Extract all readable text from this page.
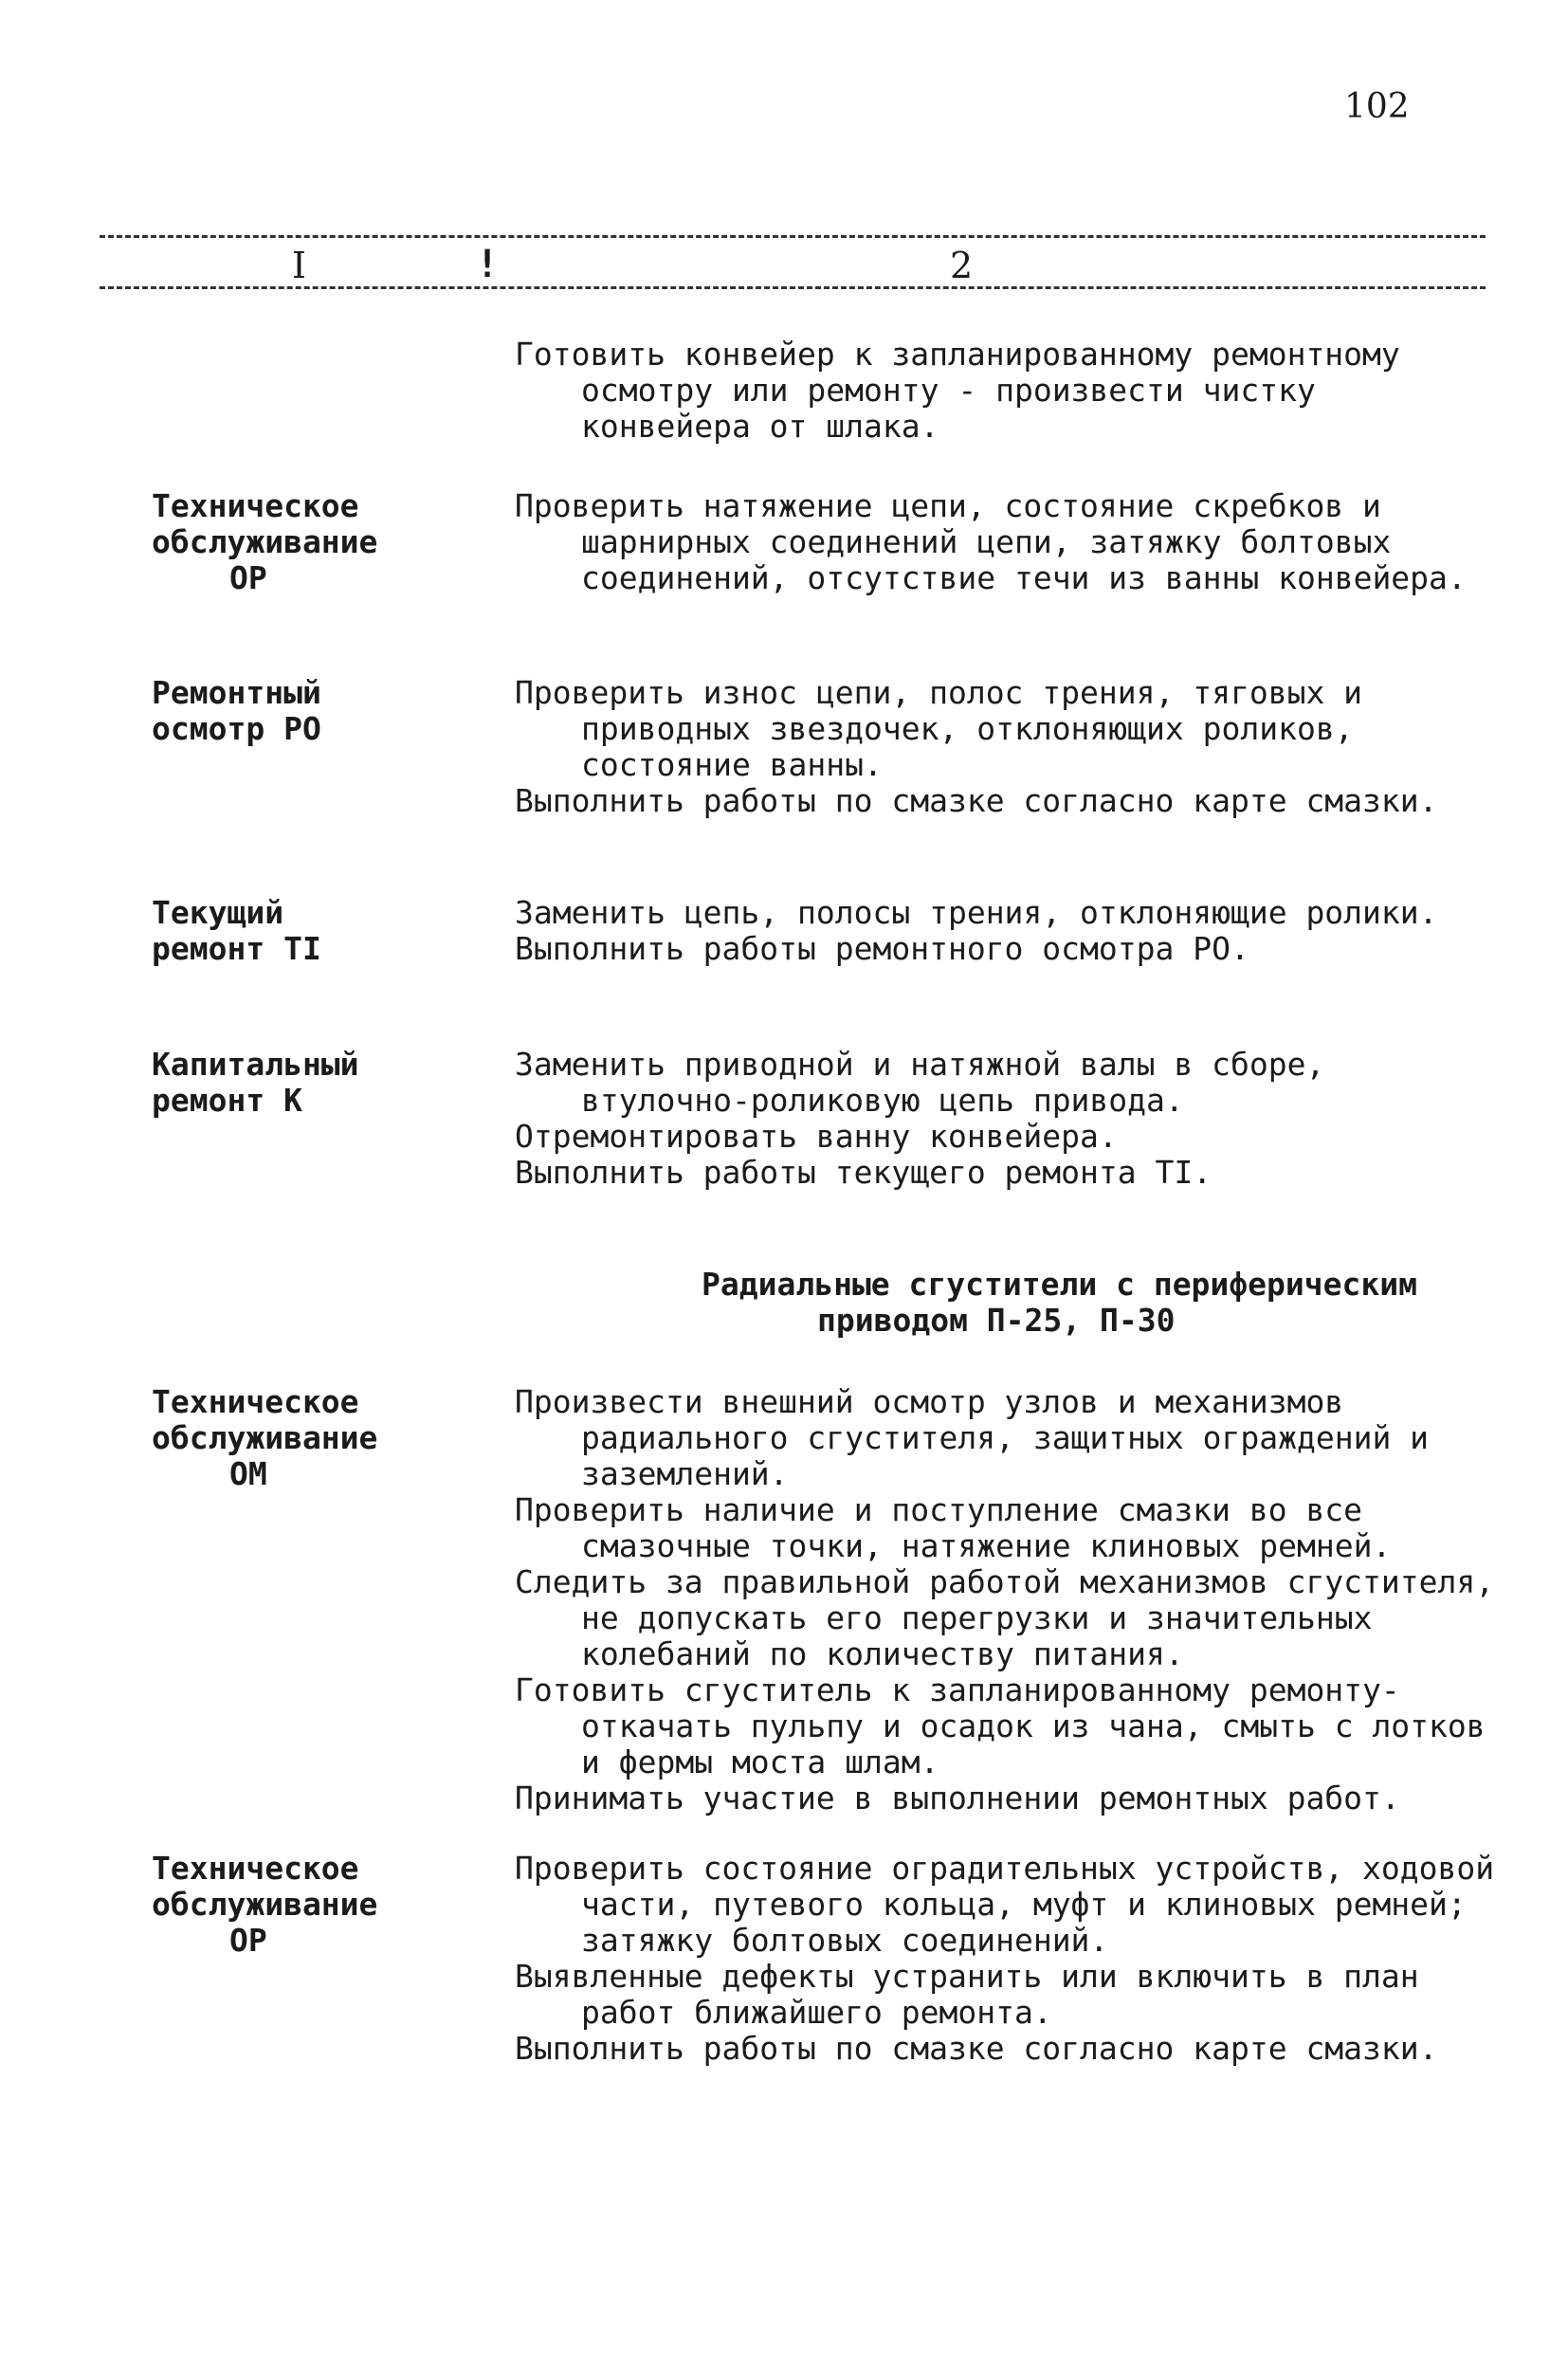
102
I	!	2

Готовить конвейер к запланированному ремонтному осмотру или ремонту - произвести чистку конвейера от шлака.

Техническое
обслуживание
ОР

Проверить натяжение цепи, состояние скребков и шарнирных соединений цепи, затяжку болтовых соединений, отсутствие течи из ванны конвейера.

Ремонтный
осмотр РО

Проверить износ цепи, полос трения, тяговых и приводных звездочек, отклоняющих роликов, состояние ванны.

Выполнить работы по смазке согласно карте смазки.

Текущий
ремонт ТI

Заменить цепь, полосы трения, отклоняющие ролики.

Выполнить работы ремонтного осмотра РО.

Капитальный
ремонт К

Заменить приводной и натяжной валы в сборе, втулочно-роликовую цепь привода.

Отремонтировать ванну конвейера.

Выполнить работы текущего ремонта ТI.

Радиальные сгустители с периферическим
приводом П-25, П-30
Техническое
обслуживание
ОМ

Произвести внешний осмотр узлов и механизмов радиального сгустителя, защитных ограждений и заземлений.

Проверить наличие и поступление смазки во все смазочные точки, натяжение клиновых ремней.

Следить за правильной работой механизмов сгустителя, не допускать его перегрузки и значительных колебаний по количеству питания.

Готовить сгуститель к запланированному ремонту-откачать пульпу и осадок из чана, смыть с лотков и фермы моста шлам.

Принимать участие в выполнении ремонтных работ.

Техническое
обслуживание
ОР

Проверить состояние оградительных устройств, ходовой части, путевого кольца, муфт и клиновых ремней; затяжку болтовых соединений.

Выявленные дефекты устранить или включить в план работ ближайшего ремонта.

Выполнить работы по смазке согласно карте смазки.
